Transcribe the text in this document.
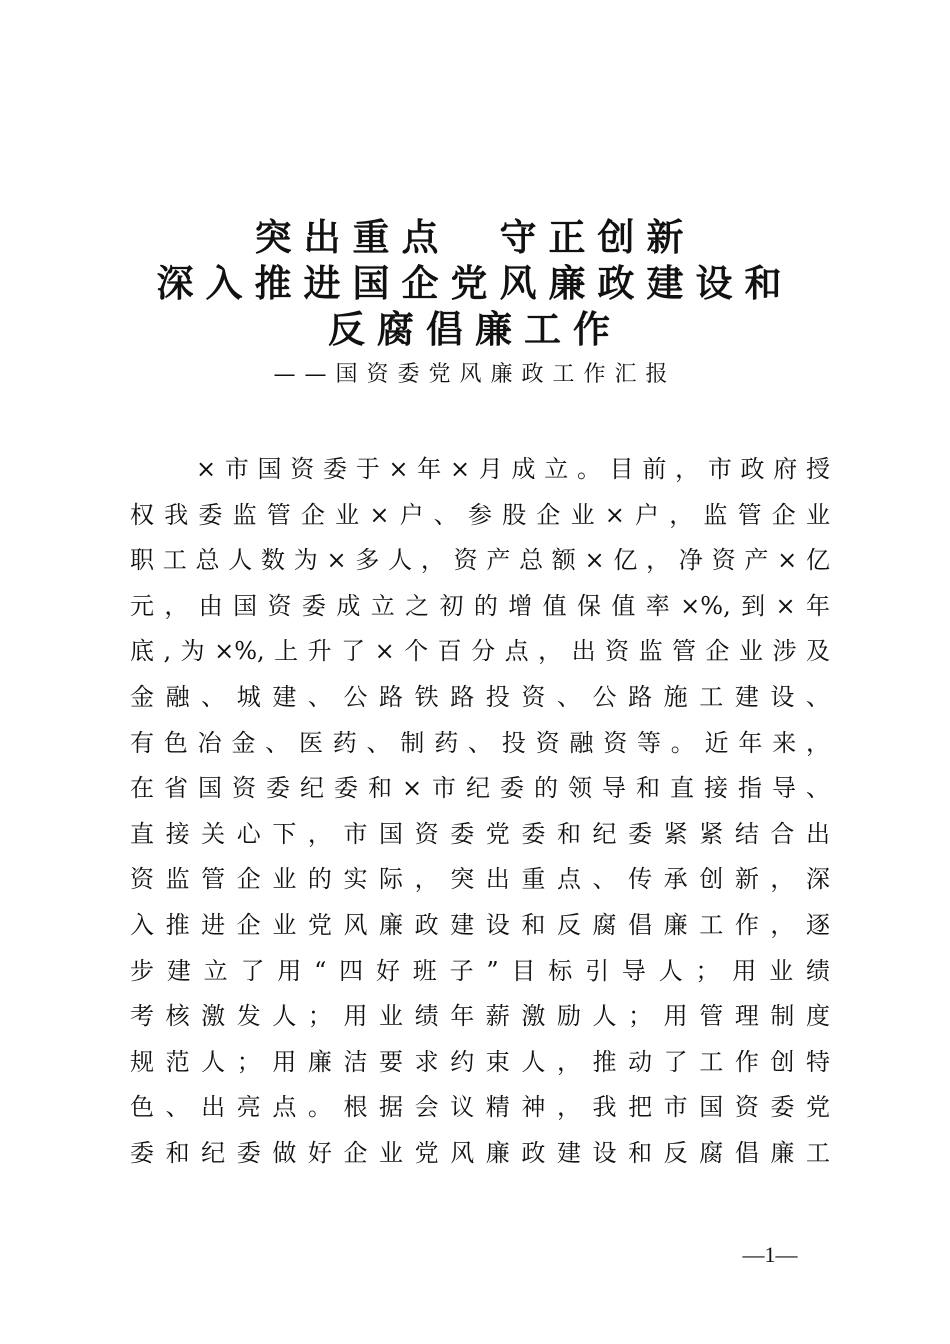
突出重点　守正创新
深入推进国企党风廉政建设和
反腐倡廉工作
——国资委党风廉政工作汇报
×市国资委于×年×月成立。目前，市政府授
权我委监管企业×户、参股企业×户，监管企业
职工总人数为×多人，资产总额×亿，净资产×亿
元，由国资委成立之初的增值保值率×%,到×年
底,为×%,上升了×个百分点，出资监管企业涉及
金融、城建、公路铁路投资、公路施工建设、
有色冶金、医药、制药、投资融资等。近年来，
在省国资委纪委和×市纪委的领导和直接指导、
直接关心下，市国资委党委和纪委紧紧结合出
资监管企业的实际，突出重点、传承创新，深
入推进企业党风廉政建设和反腐倡廉工作，逐
步建立了用“四好班子”目标引导人；用业绩
考核激发人；用业绩年薪激励人；用管理制度
规范人；用廉洁要求约束人，推动了工作创特
色、出亮点。根据会议精神，我把市国资委党
委和纪委做好企业党风廉政建设和反腐倡廉工
—1—
